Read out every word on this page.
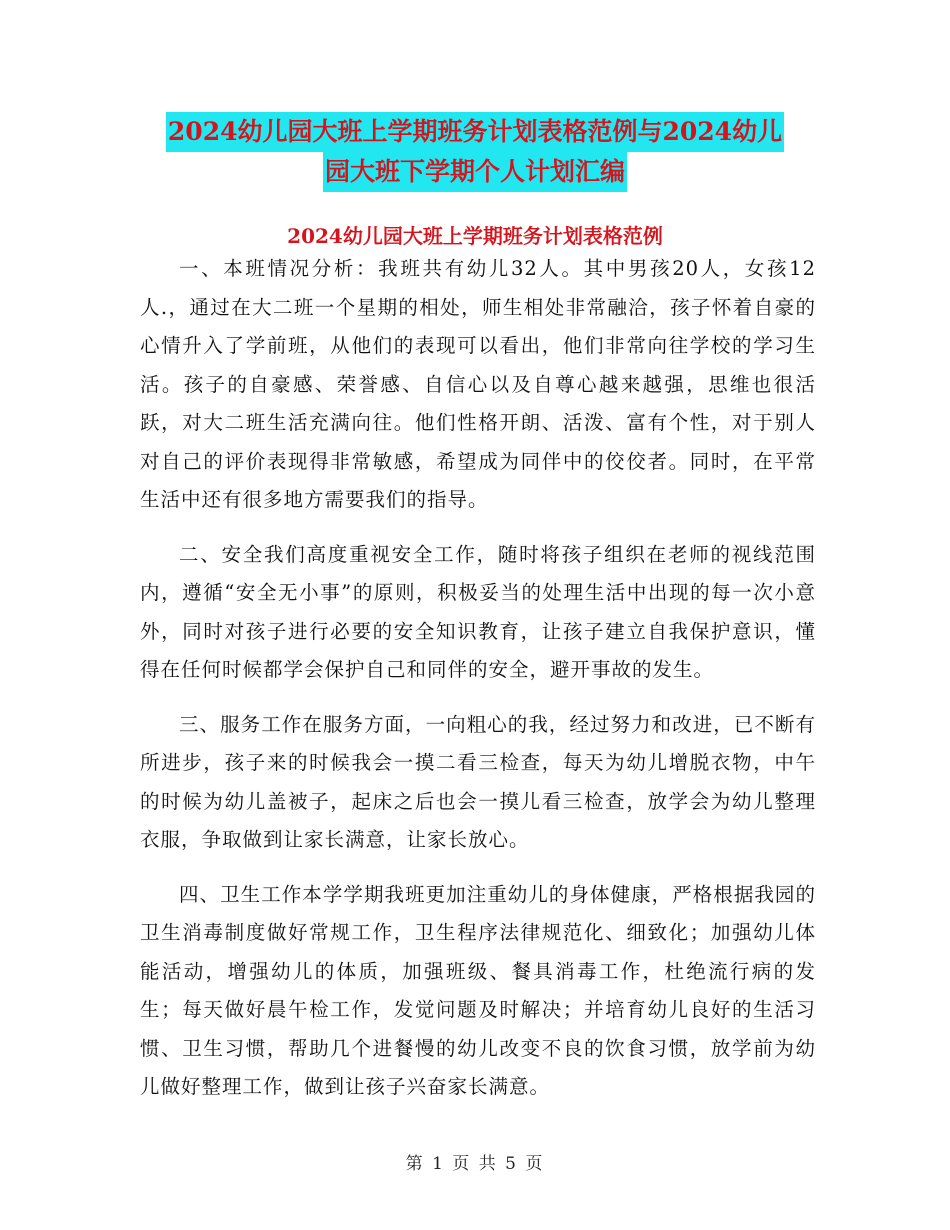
2024幼儿园大班上学期班务计划表格范例与2024幼儿
园大班下学期个人计划汇编
2024幼儿园大班上学期班务计划表格范例

一、本班情况分析：我班共有幼儿32人。其中男孩20人，女孩12人.，通过在大二班一个星期的相处，师生相处非常融洽，孩子怀着自豪的心情升入了学前班，从他们的表现可以看出，他们非常向往学校的学习生活。孩子的自豪感、荣誉感、自信心以及自尊心越来越强，思维也很活跃，对大二班生活充满向往。他们性格开朗、活泼、富有个性，对于别人对自己的评价表现得非常敏感，希望成为同伴中的佼佼者。同时，在平常生活中还有很多地方需要我们的指导。

二、安全我们高度重视安全工作，随时将孩子组织在老师的视线范围内，遵循“安全无小事”的原则，积极妥当的处理生活中出现的每一次小意外，同时对孩子进行必要的安全知识教育，让孩子建立自我保护意识，懂得在任何时候都学会保护自己和同伴的安全，避开事故的发生。

三、服务工作在服务方面，一向粗心的我，经过努力和改进，已不断有所进步，孩子来的时候我会一摸二看三检查，每天为幼儿增脱衣物，中午的时候为幼儿盖被子，起床之后也会一摸儿看三检查，放学会为幼儿整理衣服，争取做到让家长满意，让家长放心。

四、卫生工作本学学期我班更加注重幼儿的身体健康，严格根据我园的卫生消毒制度做好常规工作，卫生程序法律规范化、细致化；加强幼儿体能活动，增强幼儿的体质，加强班级、餐具消毒工作，杜绝流行病的发生；每天做好晨午检工作，发觉问题及时解决；并培育幼儿良好的生活习惯、卫生习惯，帮助几个进餐慢的幼儿改变不良的饮食习惯，放学前为幼儿做好整理工作，做到让孩子兴奋家长满意。

第 1 页 共 5 页
